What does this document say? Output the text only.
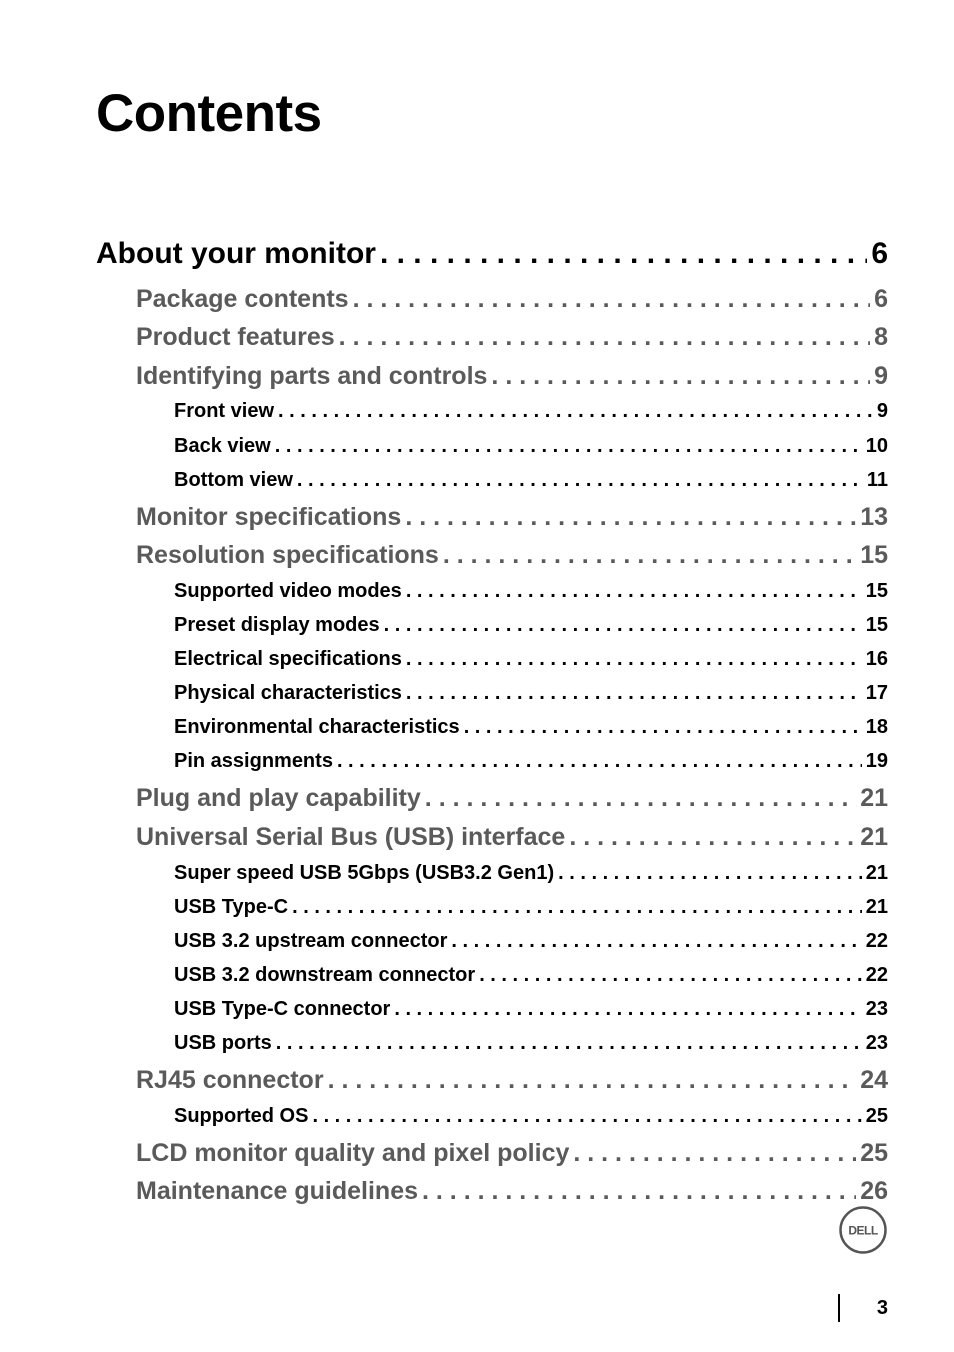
Contents
About your monitor . . .	6
Package contents . . .	6
Product features . . .	8
Identifying parts and controls . . .	9
Front view . . .	9
Back view . . .	10
Bottom view . . .	11
Monitor specifications . . .	13
Resolution specifications . . .	15
Supported video modes . . .	15
Preset display modes . . .	15
Electrical specifications . . .	16
Physical characteristics . . .	17
Environmental characteristics . . .	18
Pin assignments . . .	19
Plug and play capability . . .	21
Universal Serial Bus (USB) interface . . .	21
Super speed USB 5Gbps (USB3.2 Gen1) . . .	21
USB Type-C . . .	21
USB 3.2 upstream connector . . .	22
USB 3.2 downstream connector . . .	22
USB Type-C connector . . .	23
USB ports . . .	23
RJ45 connector . . .	24
Supported OS . . .	25
LCD monitor quality and pixel policy . . .	25
Maintenance guidelines . . .	26
DELL
3
